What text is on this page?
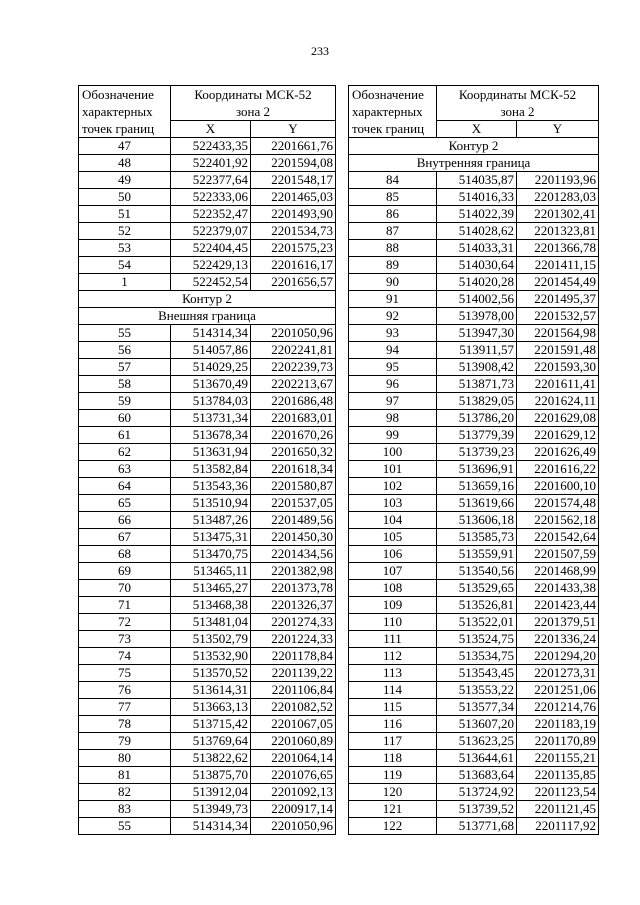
233
Обозначение
характерных
точек границ	Координаты МСК-52
зона 2	
	X	Y
47	522433,35	2201661,76
48	522401,92	2201594,08
49	522377,64	2201548,17
50	522333,06	2201465,03
51	522352,47	2201493,90
52	522379,07	2201534,73
53	522404,45	2201575,23
54	522429,13	2201616,17
1	522452,54	2201656,57
Контур 2		
Внешняя граница		
55	514314,34	2201050,96
56	514057,86	2202241,81
57	514029,25	2202239,73
58	513670,49	2202213,67
59	513784,03	2201686,48
60	513731,34	2201683,01
61	513678,34	2201670,26
62	513631,94	2201650,32
63	513582,84	2201618,34
64	513543,36	2201580,87
65	513510,94	2201537,05
66	513487,26	2201489,56
67	513475,31	2201450,30
68	513470,75	2201434,56
69	513465,11	2201382,98
70	513465,27	2201373,78
71	513468,38	2201326,37
72	513481,04	2201274,33
73	513502,79	2201224,33
74	513532,90	2201178,84
75	513570,52	2201139,22
76	513614,31	2201106,84
77	513663,13	2201082,52
78	513715,42	2201067,05
79	513769,64	2201060,89
80	513822,62	2201064,14
81	513875,70	2201076,65
82	513912,04	2201092,13
83	513949,73	2200917,14
55	514314,34	2201050,96
Обозначение
характерных
точек границ	Координаты МСК-52
зона 2	
	X	Y
Контур 2		
Внутренняя граница		
84	514035,87	2201193,96
85	514016,33	2201283,03
86	514022,39	2201302,41
87	514028,62	2201323,81
88	514033,31	2201366,78
89	514030,64	2201411,15
90	514020,28	2201454,49
91	514002,56	2201495,37
92	513978,00	2201532,57
93	513947,30	2201564,98
94	513911,57	2201591,48
95	513908,42	2201593,30
96	513871,73	2201611,41
97	513829,05	2201624,11
98	513786,20	2201629,08
99	513779,39	2201629,12
100	513739,23	2201626,49
101	513696,91	2201616,22
102	513659,16	2201600,10
103	513619,66	2201574,48
104	513606,18	2201562,18
105	513585,73	2201542,64
106	513559,91	2201507,59
107	513540,56	2201468,99
108	513529,65	2201433,38
109	513526,81	2201423,44
110	513522,01	2201379,51
111	513524,75	2201336,24
112	513534,75	2201294,20
113	513543,45	2201273,31
114	513553,22	2201251,06
115	513577,34	2201214,76
116	513607,20	2201183,19
117	513623,25	2201170,89
118	513644,61	2201155,21
119	513683,64	2201135,85
120	513724,92	2201123,54
121	513739,52	2201121,45
122	513771,68	2201117,92
